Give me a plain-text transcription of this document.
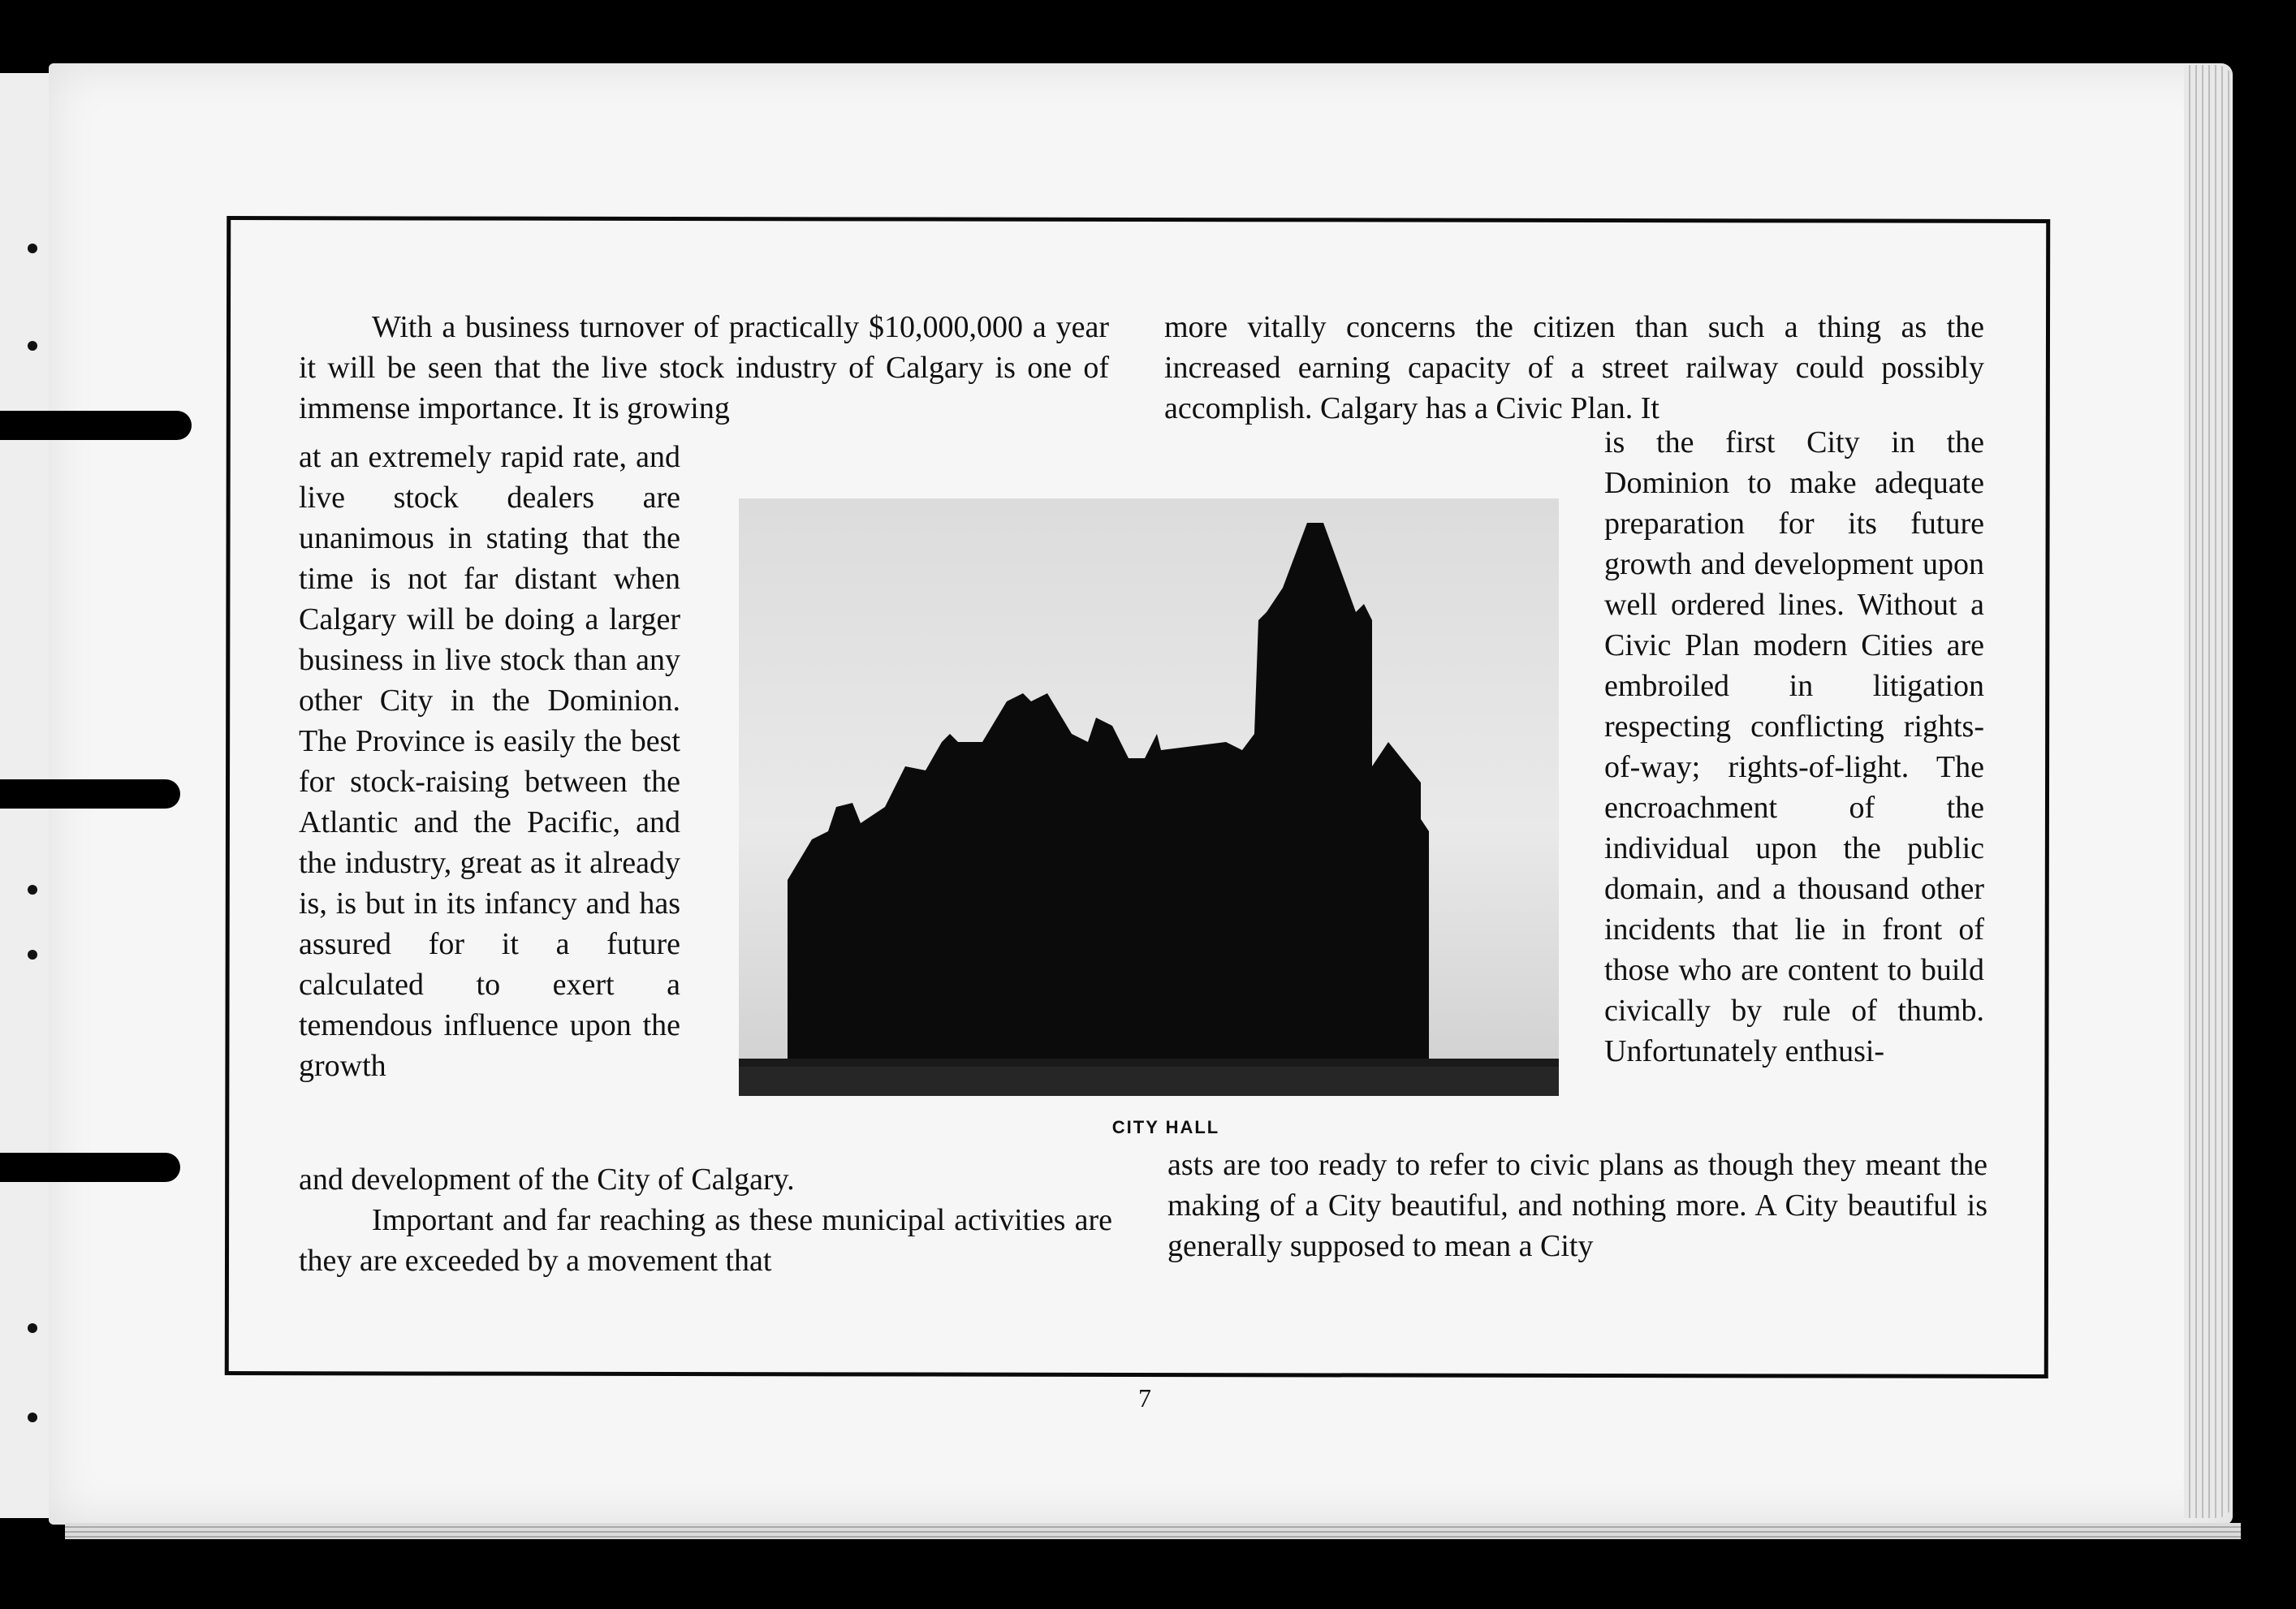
With a business turnover of practically $10,000,000 a year it will be seen that the live stock industry of Calgary is one of immense importance. It is growing
at an extremely rapid rate, and live stock dealers are unanimous in stating that the time is not far distant when Calgary will be doing a larger business in live stock than any other City in the Dominion. The Province is easily the best for stock-raising between the Atlantic and the Pacific, and the industry, great as it already is, is but in its infancy and has assured for it a future calculated to exert a temendous influence upon the growth
and development of the City of Calgary.
Important and far reaching as these municipal activities are they are exceeded by a movement that
more vitally concerns the citizen than such a thing as the increased earning capacity of a street railway could possibly accomplish. Calgary has a Civic Plan. It
is the first City in the Dominion to make adequate preparation for its future growth and development upon well ordered lines. Without a Civic Plan modern Cities are embroiled in litigation respecting conflicting rights-of-way; rights-of-light. The encroachment of the individual upon the public domain, and a thousand other incidents that lie in front of those who are content to build civically by rule of thumb. Unfortunately enthusi-
asts are too ready to refer to civic plans as though they meant the making of a City beautiful, and nothing more. A City beautiful is generally supposed to mean a City
CITY HALL
7
